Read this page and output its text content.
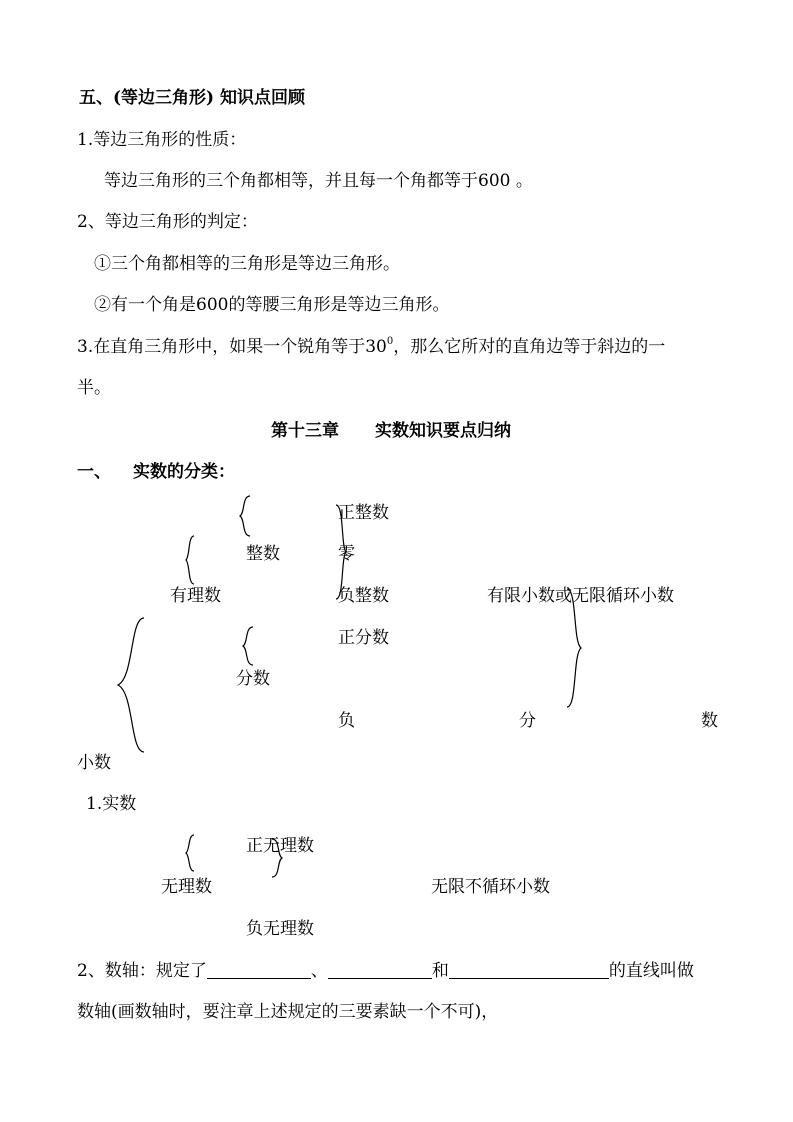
五、(等边三角形) 知识点回顾
1.等边三角形的性质：
等边三角形的三个角都相等，并且每一个角都等于600 。
2、等边三角形的判定：
①三个角都相等的三角形是等边三角形。
②有一个角是600的等腰三角形是等边三角形。
3.在直角三角形中，如果一个锐角等于$30^0$，那么它所对的直角边等于斜边的一
半。
第十三章 实数知识要点归纳
一、 实数的分类：
正整数
整数	零
有理数	负整数	有限小数或无限循环小数
正分数
分数
负	分	数
小数
1.实数
正无理数
无理数	无限不循环小数
负无理数
2、数轴：规定了	、	和	的直线叫做
数轴(画数轴时，要注章上述规定的三要素缺一个不可)，
